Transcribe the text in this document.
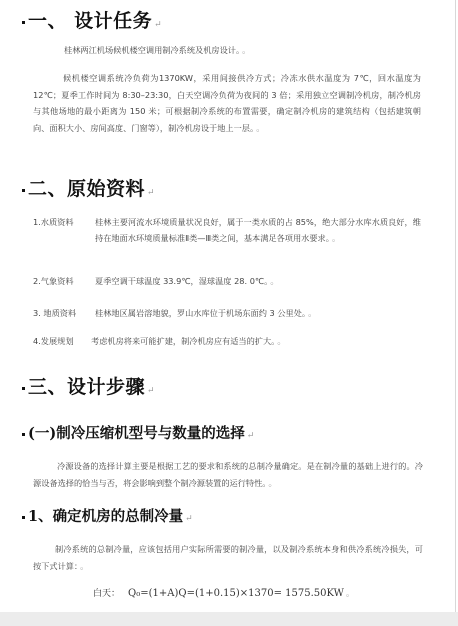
一、 设计任务 ↵
桂林两江机场候机楼空调用制冷系统及机房设计。 。
候机楼空调系统冷负荷为1370KW，采用间接供冷方式；冷冻水供水温度为 7℃，回水温度为 12℃；夏季工作时间为 8:30–23:30，白天空调冷负荷为夜间的 3 倍；采用独立空调制冷机房，制冷机房与其他场地的最小距离为 150 米；可根据制冷系统的布置需要，确定制冷机房的建筑结构（包括建筑朝向、面积大小、房间高度、门窗等），制冷机房设于地上一层。 。
二、原始资料 ↵
1.水质资料	桂林主要河流水环境质量状况良好，属于一类水质的占 85%，绝大部分水库水质良好，维持在地面水环境质量标准Ⅱ类—Ⅲ类之间，基本满足各项用水要求。 。
2.气象资料	夏季空调干球温度 33.9℃，湿球温度 28. 0℃。 。
3. 地质资料 桂林地区属岩溶地貌，罗山水库位于机场东面约 3 公里处。 。
4.发展规划 考虑机房将来可能扩建，制冷机房应有适当的扩大。 。
三、设计步骤 ↵
(一)制冷压缩机型号与数量的选择 ↵
冷源设备的选择计算主要是根据工艺的要求和系统的总制冷量确定。是在制冷量的基础上进行的。冷源设备选择的恰当与否，将会影响到整个制冷源装置的运行特性。 。
1、确定机房的总制冷量 ↵
制冷系统的总制冷量，应该包括用户实际所需要的制冷量，以及制冷系统本身和供冷系统冷损失，可按下式计算： 。
白天： Q₀=(1+A)Q=(1+0.15)×1370= 1575.50KW 。
